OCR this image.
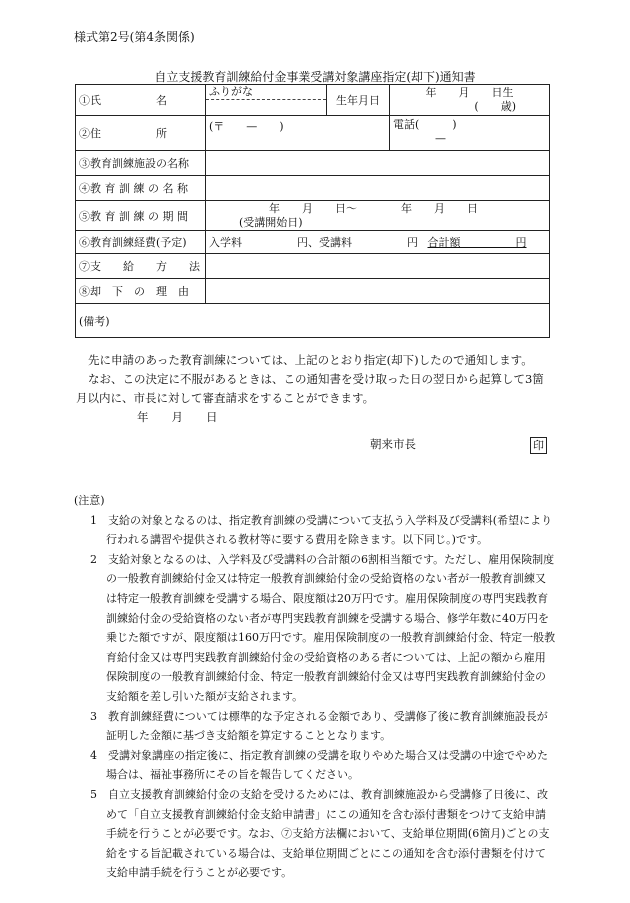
様式第2号(第4条関係)
自立支援教育訓練給付金事業受講対象講座指定(却下)通知書
①氏　　　　　名	ふりがな	生年月日	年　　月　　日生
(　　歳)

②住　　　　　所	(〒　　—　　)		電話(　　　)
—

③教育訓練施設の名称			
④教 育 訓 練 の 名 称			
⑤教 育 訓 練 の 期 間	年　　月　　日〜　　　　年　　月　　日
(受講開始日)		

⑥教育訓練経費(予定)	入学料　　　　　円、受講料　　　　　円 合計額　　　　　円		
⑦支　　給　　方　　法			
⑧却　下　の　理　由			
(備考)			
先に申請のあった教育訓練については、上記のとおり指定(却下)したので通知します。
なお、この決定に不服があるときは、この通知書を受け取った日の翌日から起算して3箇月以内に、市長に対して審査請求をすることができます。
年　　月　　日
朝来市長	印
(注意)
1　支給の対象となるのは、指定教育訓練の受講について支払う入学料及び受講料(希望により行われる講習や提供される教材等に要する費用を除きます。以下同じ。)です。
2　支給対象となるのは、入学料及び受講料の合計額の6割相当額です。ただし、雇用保険制度の一般教育訓練給付金又は特定一般教育訓練給付金の受給資格のない者が一般教育訓練又は特定一般教育訓練を受講する場合、限度額は20万円です。雇用保険制度の専門実践教育訓練給付金の受給資格のない者が専門実践教育訓練を受講する場合、修学年数に40万円を乗じた額ですが、限度額は160万円です。雇用保険制度の一般教育訓練給付金、特定一般教育給付金又は専門実践教育訓練給付金の受給資格のある者については、上記の額から雇用保険制度の一般教育訓練給付金、特定一般教育訓練給付金又は専門実践教育訓練給付金の支給額を差し引いた額が支給されます。
3　教育訓練経費については標準的な予定される金額であり、受講修了後に教育訓練施設長が証明した金額に基づき支給額を算定することとなります。
4　受講対象講座の指定後に、指定教育訓練の受講を取りやめた場合又は受講の中途でやめた場合は、福祉事務所にその旨を報告してください。
5　自立支援教育訓練給付金の支給を受けるためには、教育訓練施設から受講修了日後に、改めて「自立支援教育訓練給付金支給申請書」にこの通知を含む添付書類をつけて支給申請手続を行うことが必要です。なお、⑦支給方法欄において、支給単位期間(6箇月)ごとの支給をする旨記載されている場合は、支給単位期間ごとにこの通知を含む添付書類を付けて支給申請手続を行うことが必要です。
